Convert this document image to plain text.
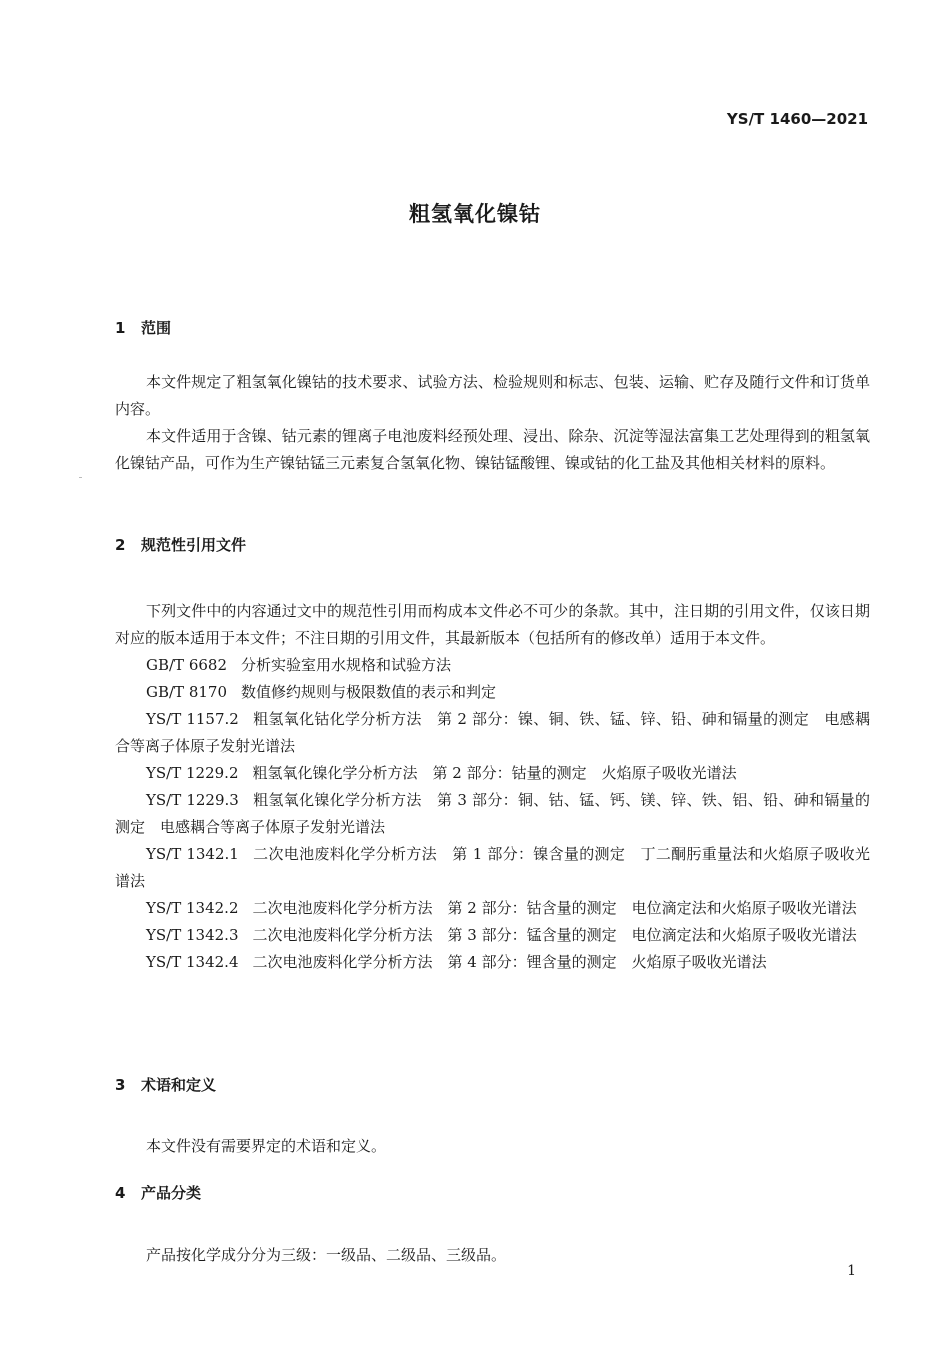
YS/T 1460—2021
粗氢氧化镍钴
1 范围

本文件规定了粗氢氧化镍钴的技术要求、试验方法、检验规则和标志、包装、运输、贮存及随行文件和订货单内容。

本文件适用于含镍、钴元素的锂离子电池废料经预处理、浸出、除杂、沉淀等湿法富集工艺处理得到的粗氢氧化镍钴产品，可作为生产镍钴锰三元素复合氢氧化物、镍钴锰酸锂、镍或钴的化工盐及其他相关材料的原料。

2 规范性引用文件

下列文件中的内容通过文中的规范性引用而构成本文件必不可少的条款。其中，注日期的引用文件，仅该日期对应的版本适用于本文件；不注日期的引用文件，其最新版本（包括所有的修改单）适用于本文件。

GB/T 6682 分析实验室用水规格和试验方法

GB/T 8170 数值修约规则与极限数值的表示和判定

YS/T 1157.2 粗氢氧化钴化学分析方法　第 2 部分：镍、铜、铁、锰、锌、铅、砷和镉量的测定　电感耦合等离子体原子发射光谱法

YS/T 1229.2 粗氢氧化镍化学分析方法　第 2 部分：钴量的测定　火焰原子吸收光谱法

YS/T 1229.3 粗氢氧化镍化学分析方法　第 3 部分：铜、钴、锰、钙、镁、锌、铁、铝、铅、砷和镉量的测定　电感耦合等离子体原子发射光谱法

YS/T 1342.1 二次电池废料化学分析方法　第 1 部分：镍含量的测定　丁二酮肟重量法和火焰原子吸收光谱法

YS/T 1342.2 二次电池废料化学分析方法　第 2 部分：钴含量的测定　电位滴定法和火焰原子吸收光谱法

YS/T 1342.3 二次电池废料化学分析方法　第 3 部分：锰含量的测定　电位滴定法和火焰原子吸收光谱法

YS/T 1342.4 二次电池废料化学分析方法　第 4 部分：锂含量的测定　火焰原子吸收光谱法

3 术语和定义

本文件没有需要界定的术语和定义。

4 产品分类

产品按化学成分分为三级：一级品、二级品、三级品。

1
